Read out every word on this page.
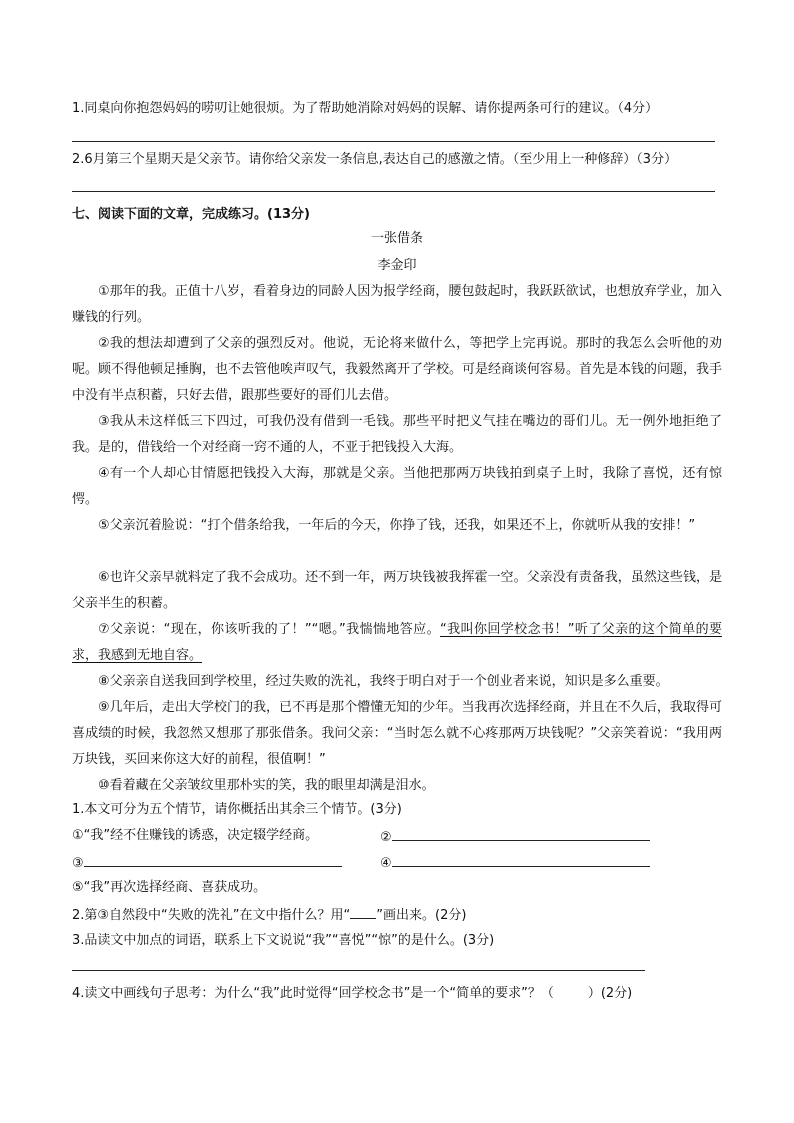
1.同桌向你抱怨妈妈的唠叨让她很烦。为了帮助她消除对妈妈的误解、请你提两条可行的建议。（4分）
2.6月第三个星期天是父亲节。请你给父亲发一条信息,表达自己的感激之情。（至少用上一种修辞）（3分）
七、阅读下面的文章，完成练习。(13分)
一张借条
李金印
①那年的我。正值十八岁，看着身边的同龄人因为报学经商，腰包鼓起时，我跃跃欲试，也想放弃学业，加入赚钱的行列。
②我的想法却遭到了父亲的强烈反对。他说，无论将来做什么，等把学上完再说。那时的我怎么会听他的劝呢。顾不得他顿足捶胸，也不去管他唉声叹气，我毅然离开了学校。可是经商谈何容易。首先是本钱的问题，我手中没有半点积蓄，只好去借，跟那些要好的哥们儿去借。
③我从未这样低三下四过，可我仍没有借到一毛钱。那些平时把义气挂在嘴边的哥们儿。无一例外地拒绝了我。是的，借钱给一个对经商一窍不通的人，不亚于把钱投入大海。
④有一个人却心甘情愿把钱投入大海，那就是父亲。当他把那两万块钱拍到桌子上时，我除了喜悦，还有惊愕。
⑤父亲沉着脸说：“打个借条给我，一年后的今天，你挣了钱，还我，如果还不上，你就听从我的安排！”
⑥也许父亲早就料定了我不会成功。还不到一年，两万块钱被我挥霍一空。父亲没有责备我，虽然这些钱，是父亲半生的积蓄。
⑦父亲说：“现在，你该听我的了！”“嗯。”我惴惴地答应。“我叫你回学校念书！”听了父亲的这个简单的要求，我感到无地自容。
⑧父亲亲自送我回到学校里，经过失败的洗礼，我终于明白对于一个创业者来说，知识是多么重要。
⑨几年后，走出大学校门的我，已不再是那个懵懂无知的少年。当我再次选择经商，并且在不久后，我取得可喜成绩的时候，我忽然又想那了那张借条。我问父亲：“当时怎么就不心疼那两万块钱呢？”父亲笑着说：“我用两万块钱，买回来你这大好的前程，很值啊！”
⑩看着藏在父亲皱纹里那朴实的笑，我的眼里却满是泪水。
1.本文可分为五个情节，请你概括出其余三个情节。(3分)
①“我”经不住赚钱的诱惑，决定辍学经商。	②
③	④
⑤“我”再次选择经商、喜获成功。
2.第③自然段中“失败的洗礼”在文中指什么？用“ ”画出来。(2分)
3.品读文中加点的词语，联系上下文说说“我”“喜悦”“惊”的是什么。(3分)
4.读文中画线句子思考：为什么“我”此时觉得“回学校念书”是一个“简单的要求”？（	）(2分)
